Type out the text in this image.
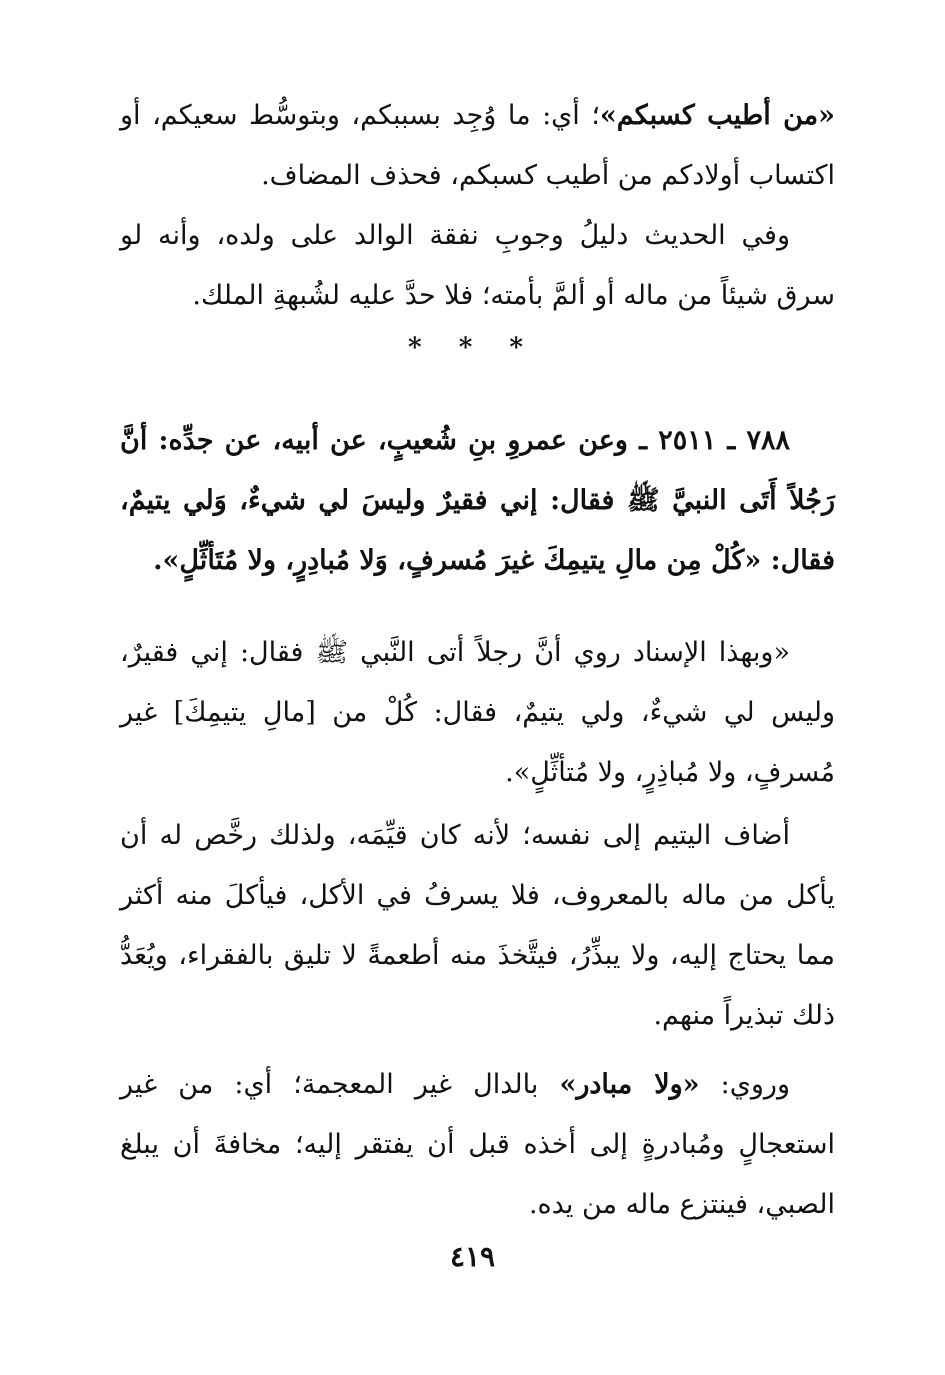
«من أطيب كسبكم»؛ أي: ما وُجِد بسببكم، وبتوسُّط سعيكم، أو اكتساب أولادكم من أطيب كسبكم، فحذف المضاف.

وفي الحديث دليلُ وجوبِ نفقة الوالد على ولده، وأنه لو سرق شيئاً من ماله أو ألمَّ بأمته؛ فلا حدَّ عليه لشُبهةِ الملك.

* * *

٧٨٨ ـ ٢٥١١ ـ وعن عمروِ بنِ شُعيبٍ، عن أبيه، عن جدِّه: أنَّ رَجُلاً أَتَى النبيَّ ﷺ فقال: إني فقيرٌ وليسَ لي شيءٌ، وَلي يتيمٌ، فقال: «كُلْ مِن مالِ يتيمِكَ غيرَ مُسرفٍ، وَلا مُبادِرٍ، ولا مُتَأثِّلٍ».

«وبهذا الإسناد روي أنَّ رجلاً أتى النَّبي ﷺ فقال: إني فقيرٌ، وليس لي شيءٌ، ولي يتيمٌ، فقال: كُلْ من [مالِ يتيمِكَ] غير مُسرفٍ، ولا مُباذِرٍ، ولا مُتأثِّلٍ».

أضاف اليتيم إلى نفسه؛ لأنه كان قيِّمَه، ولذلك رخَّص له أن يأكل من ماله بالمعروف، فلا يسرفُ في الأكل، فيأكلَ منه أكثر مما يحتاج إليه، ولا يبذِّرُ، فيتَّخذَ منه أطعمةً لا تليق بالفقراء، ويُعَدُّ ذلك تبذيراً منهم.

وروي: «ولا مبادر» بالدال غير المعجمة؛ أي: من غير استعجالٍ ومُبادرةٍ إلى أخذه قبل أن يفتقر إليه؛ مخافةَ أن يبلغ الصبي، فينتزع ماله من يده.

٤١٩
